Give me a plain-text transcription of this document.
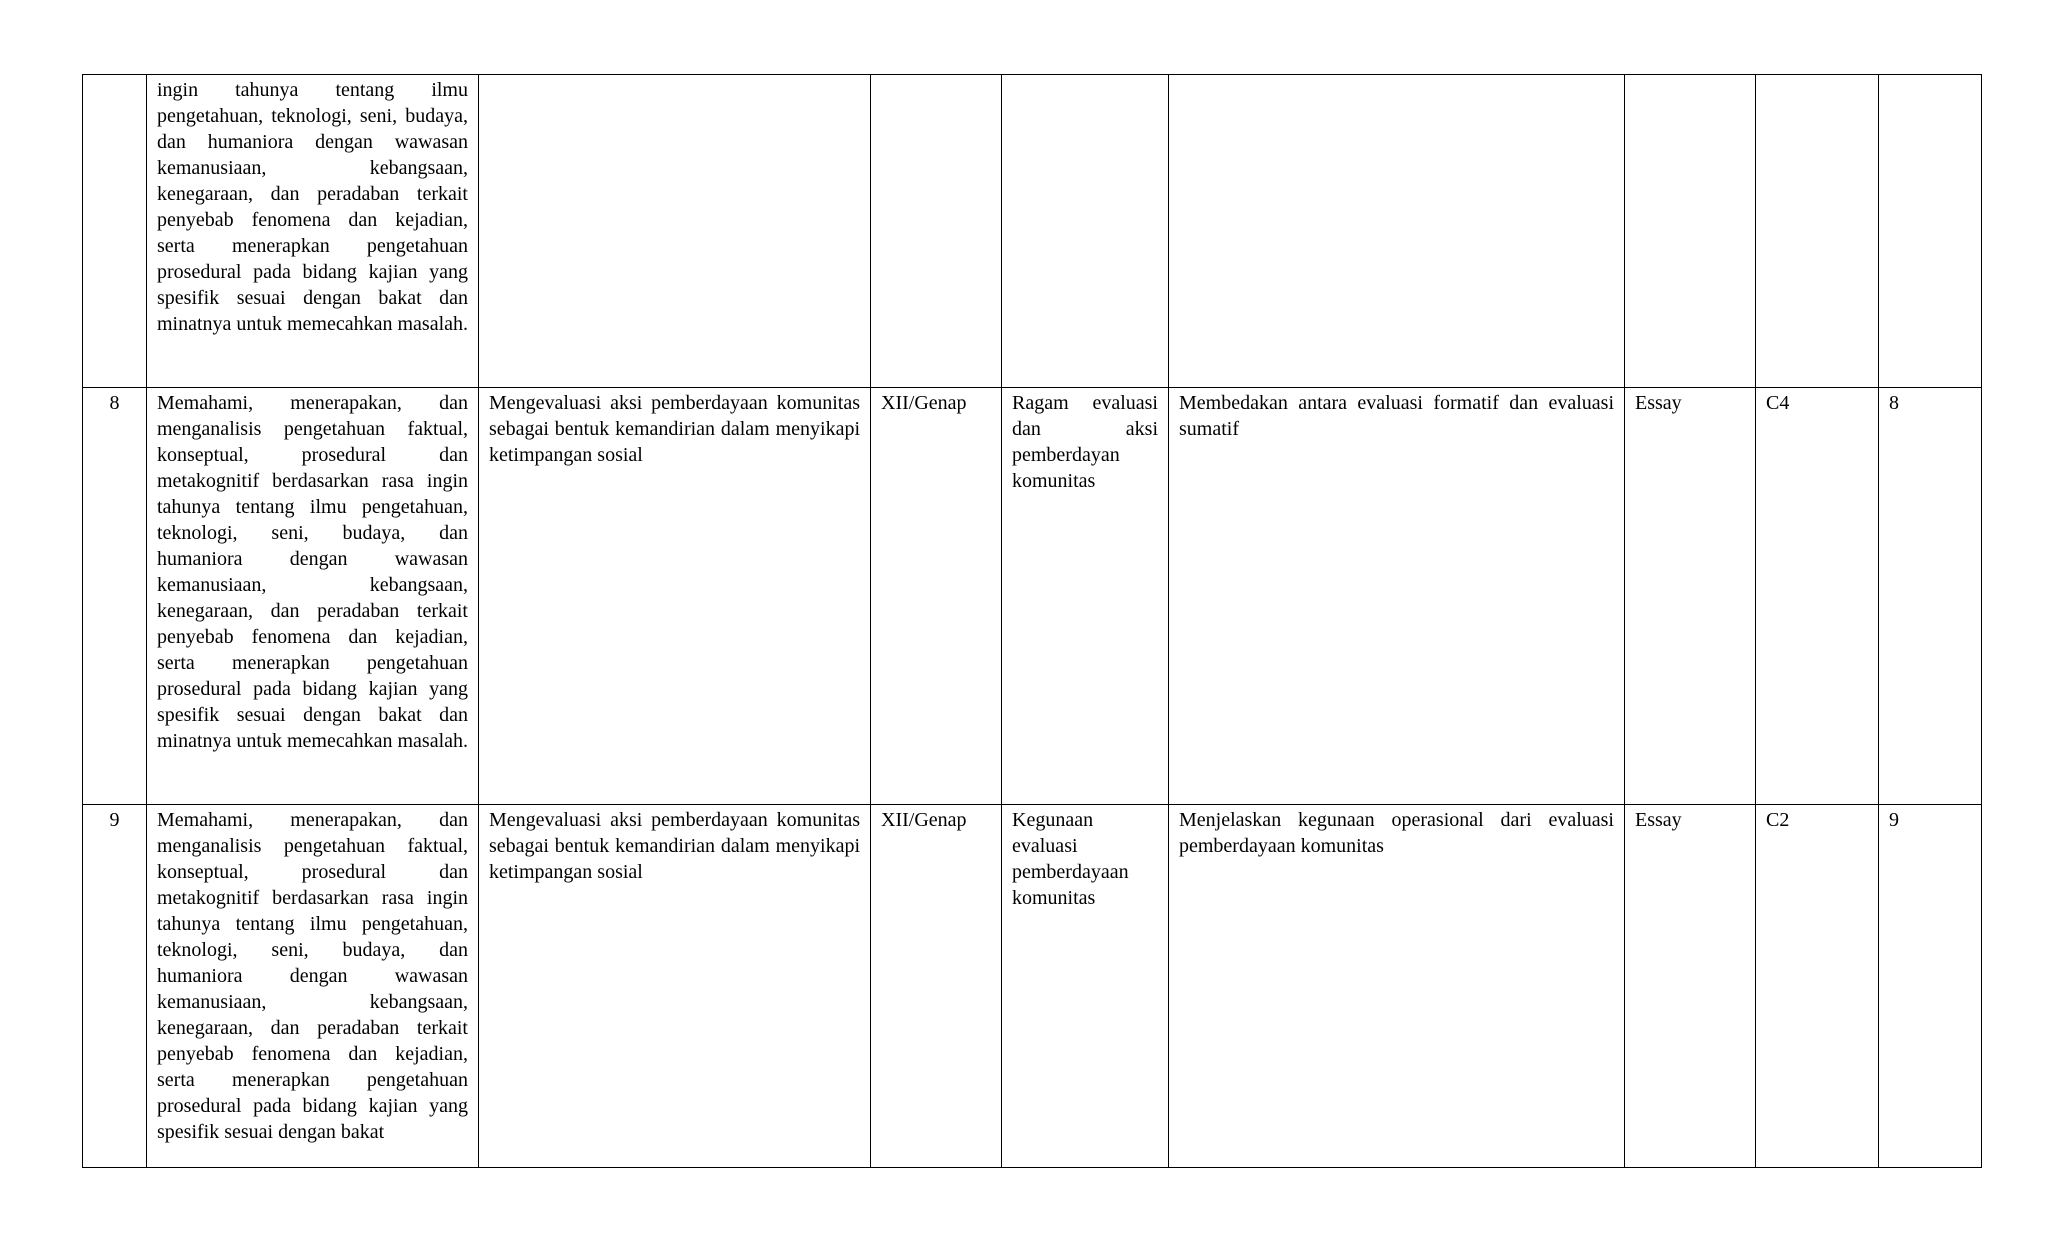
	ingin tahunya tentang ilmu pengetahuan, teknologi, seni, budaya, dan humaniora dengan wawasan kemanusiaan, kebangsaan, kenegaraan, dan peradaban terkait penyebab fenomena dan kejadian, serta menerapkan pengetahuan prosedural pada bidang kajian yang spesifik sesuai dengan bakat dan minatnya untuk memecahkan masalah.							
8	Memahami, menerapakan, dan menganalisis pengetahuan faktual, konseptual, prosedural dan metakognitif berdasarkan rasa ingin tahunya tentang ilmu pengetahuan, teknologi, seni, budaya, dan humaniora dengan wawasan kemanusiaan, kebangsaan, kenegaraan, dan peradaban terkait penyebab fenomena dan kejadian, serta menerapkan pengetahuan prosedural pada bidang kajian yang spesifik sesuai dengan bakat dan minatnya untuk memecahkan masalah.	Mengevaluasi aksi pemberdayaan komunitas sebagai bentuk kemandirian dalam menyikapi ketimpangan sosial	XII/Genap	Ragam evaluasi dan aksi pemberdayan komunitas	Membedakan antara evaluasi formatif dan evaluasi sumatif	Essay	C4	8
9	Memahami, menerapakan, dan menganalisis pengetahuan faktual, konseptual, prosedural dan metakognitif berdasarkan rasa ingin tahunya tentang ilmu pengetahuan, teknologi, seni, budaya, dan humaniora dengan wawasan kemanusiaan, kebangsaan, kenegaraan, dan peradaban terkait penyebab fenomena dan kejadian, serta menerapkan pengetahuan prosedural pada bidang kajian yang spesifik sesuai dengan bakat	Mengevaluasi aksi pemberdayaan komunitas sebagai bentuk kemandirian dalam menyikapi ketimpangan sosial	XII/Genap	Kegunaan evaluasi pemberdayaan komunitas	Menjelaskan kegunaan operasional dari evaluasi pemberdayaan komunitas	Essay	C2	9
